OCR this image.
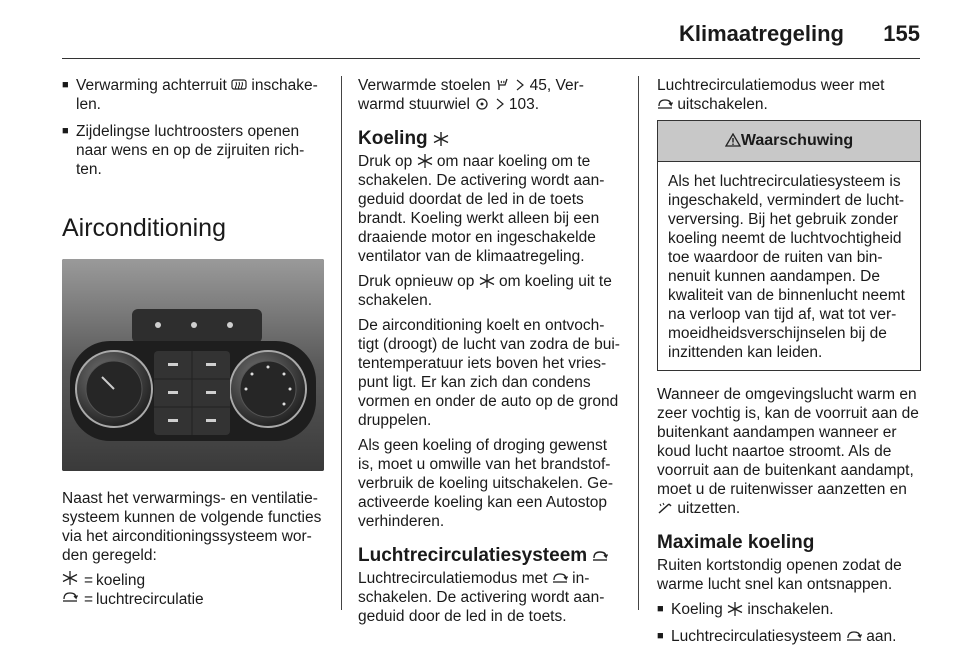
Klimaatregeling 155
■ Verwarming achterruit inschake-len.
■ Zijdelingse luchtroosters openen naar wens en op de zijruiten rich-ten.
Airconditioning

Naast het verwarmings- en ventilatie-systeem kunnen de volgende functies via het airconditioningssysteem wor-den geregeld:

= koeling
= luchtrecirculatie

Verwarmde stoelen	45, Ver-
warmd stuurwiel	103.

Koeling

Druk op om naar koeling om te schakelen. De activering wordt aan-geduid doordat de led in de toets brandt. Koeling werkt alleen bij een draaiende motor en ingeschakelde ventilator van de klimaatregeling.

Druk opnieuw op om koeling uit te schakelen.

De airconditioning koelt en ontvoch-tigt (droogt) de lucht van zodra de bui-tentemperatuur iets boven het vries-punt ligt. Er kan zich dan condens vormen en onder de auto op de grond druppelen.

Als geen koeling of droging gewenst is, moet u omwille van het brandstof-verbruik de koeling uitschakelen. Ge-activeerde koeling kan een Autostop verhinderen.

Luchtrecirculatiesysteem

Luchtrecirculatiemodus met in-schakelen. De activering wordt aan-geduid door de led in de toets.

Luchtrecirculatiemodus weer met
uitschakelen.

Waarschuwing

Als het luchtrecirculatiesysteem is ingeschakeld, vermindert de lucht-verversing. Bij het gebruik zonder koeling neemt de luchtvochtigheid toe waardoor de ruiten van bin-nenuit kunnen aandampen. De kwaliteit van de binnenlucht neemt na verloop van tijd af, wat tot ver-moeidheidsverschijnselen bij de inzittenden kan leiden.

Wanneer de omgevingslucht warm en zeer vochtig is, kan de voorruit aan de buitenkant aandampen wanneer er koud lucht naartoe stroomt. Als de voorruit aan de buitenkant aandampt, moet u de ruitenwisser aanzetten en
uitzetten.

Maximale koeling

Ruiten kortstondig openen zodat de warme lucht snel kan ontsnappen.

■ Koeling inschakelen.
■ Luchtrecirculatiesysteem aan.
